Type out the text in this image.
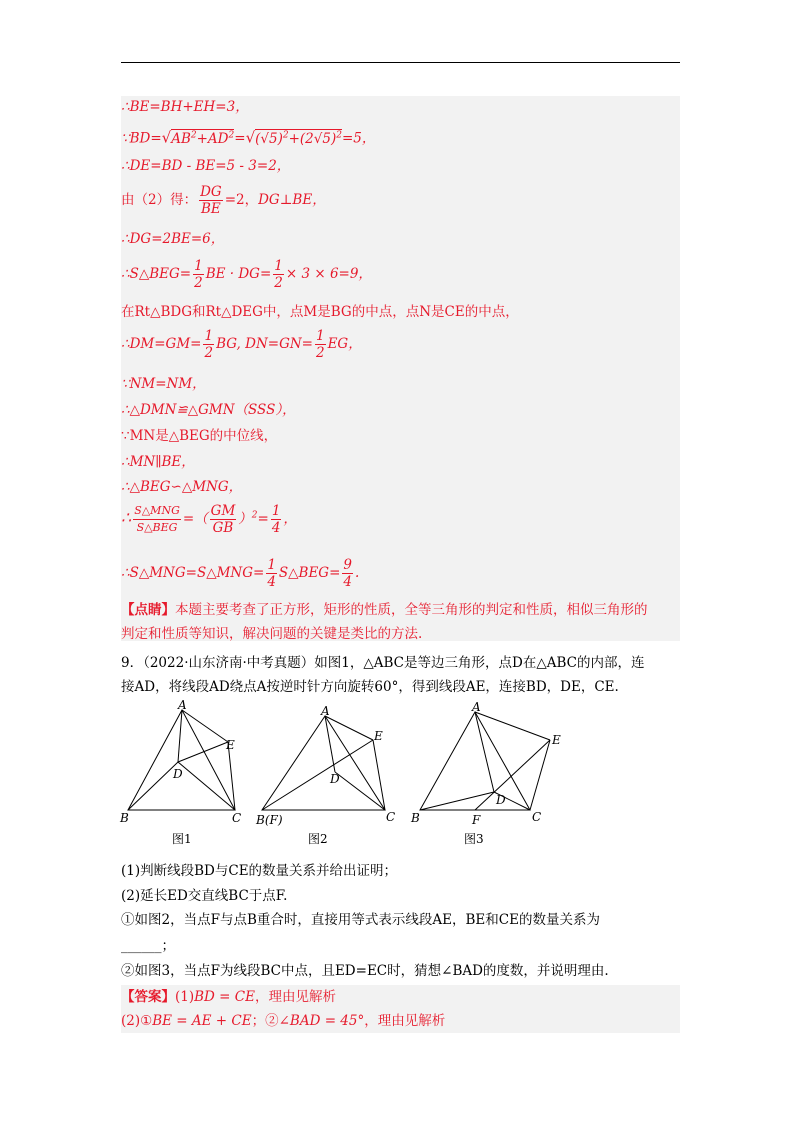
∴BE=BH+EH=3，
$\because BD=√AB^2+AD^2=√(√5)^2+(2√5)^2=5$，
∴DE=BD - BE=5 - 3=2，
由（2）得： $\frac{DG}{BE} =2$，DG⊥BE，
∴DG=2BE=6，
∴S△BEG= $\frac{1}{2}$ BE · $DG= \frac{1}{2} \times 3 \times 6=9$，
在Rt△BDG和Rt△DEG中，点M是BG的中点，点N是CE的中点，
∴DM=GM= $\frac{1}{2}$ BG, $DN=GN= \frac{1}{2}$ EG，
∵NM=NM，
∴△DMN≌△GMN（SSS），
∵MN是△BEG的中位线，
∴MN∥BE，
∴△BEG∽△MNG，
∴ $\frac{\text{S△MNG}}{\text{S△BEG}}$ =（ $\frac{GM}{GB} )^2= \frac{1}{4}$ ，
∴S△MNG=S△MNG= $\frac{1}{4}$ S△BEG= $\frac{9}{4}$ .
【点睛】本题主要考查了正方形，矩形的性质，全等三角形的判定和性质，相似三角形的
判定和性质等知识，解决问题的关键是类比的方法.
9．（2022·山东济南·中考真题）如图1，△ABC是等边三角形，点D在△ABC的内部，连
接AD，将线段AD绕点A按逆时针方向旋转60°，得到线段AE，连接BD，DE，CE.
A
B	C
D
E
A
B(F)	C
D
E
A
B	C
D
E
F
图1	图2	图3
(1)判断线段BD与CE的数量关系并给出证明；
(2)延长ED交直线BC于点F.
①如图2，当点F与点B重合时，直接用等式表示线段AE，BE和CE的数量关系为
______；
②如图3，当点F为线段BC中点，且ED=EC时，猜想∠BAD的度数，并说明理由.
【答案】(1)BD = CE，理由见解析
(2)①BE = AE + CE；②∠BAD = 45°，理由见解析
